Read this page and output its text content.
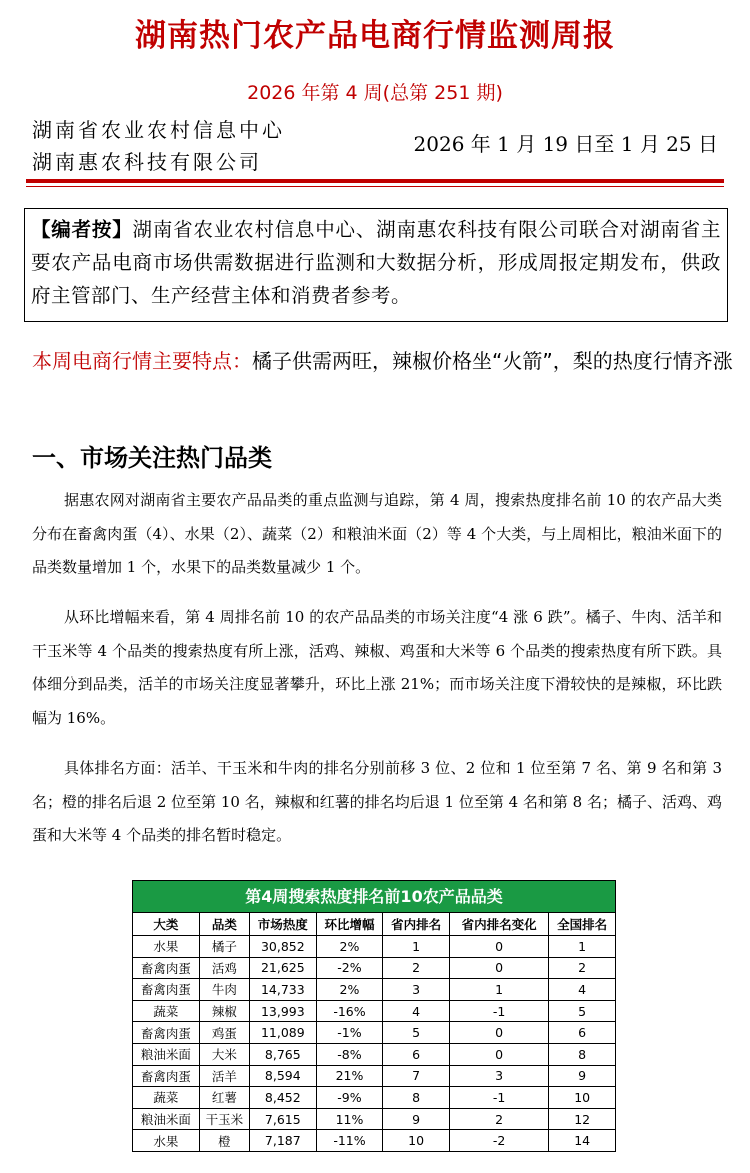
湖南热门农产品电商行情监测周报
2026 年第 4 周(总第 251 期)
湖南省农业农村信息中心
湖南惠农科技有限公司
2026 年 1 月 19 日至 1 月 25 日
【编者按】湖南省农业农村信息中心、湖南惠农科技有限公司联合对湖南省主要农产品电商市场供需数据进行监测和大数据分析，形成周报定期发布，供政府主管部门、生产经营主体和消费者参考。
本周电商行情主要特点：橘子供需两旺，辣椒价格坐“火箭”，梨的热度行情齐涨
一、市场关注热门品类
据惠农网对湖南省主要农产品品类的重点监测与追踪，第 4 周，搜索热度排名前 10 的农产品大类分布在畜禽肉蛋（4）、水果（2）、蔬菜（2）和粮油米面（2）等 4 个大类，与上周相比，粮油米面下的品类数量增加 1 个，水果下的品类数量减少 1 个。
从环比增幅来看，第 4 周排名前 10 的农产品品类的市场关注度“4 涨 6 跌”。橘子、牛肉、活羊和干玉米等 4 个品类的搜索热度有所上涨，活鸡、辣椒、鸡蛋和大米等 6 个品类的搜索热度有所下跌。具体细分到品类，活羊的市场关注度显著攀升，环比上涨 21%；而市场关注度下滑较快的是辣椒，环比跌幅为 16%。
具体排名方面：活羊、干玉米和牛肉的排名分别前移 3 位、2 位和 1 位至第 7 名、第 9 名和第 3 名；橙的排名后退 2 位至第 10 名，辣椒和红薯的排名均后退 1 位至第 4 名和第 8 名；橘子、活鸡、鸡蛋和大米等 4 个品类的排名暂时稳定。
第4周搜索热度排名前10农产品品类
大类	品类	市场热度	环比增幅	省内排名	省内排名变化	全国排名
水果	橘子	30,852	2%	1	0	1
畜禽肉蛋	活鸡	21,625	-2%	2	0	2
畜禽肉蛋	牛肉	14,733	2%	3	1	4
蔬菜	辣椒	13,993	-16%	4	-1	5
畜禽肉蛋	鸡蛋	11,089	-1%	5	0	6
粮油米面	大米	8,765	-8%	6	0	8
畜禽肉蛋	活羊	8,594	21%	7	3	9
蔬菜	红薯	8,452	-9%	8	-1	10
粮油米面	干玉米	7,615	11%	9	2	12
水果	橙	7,187	-11%	10	-2	14
